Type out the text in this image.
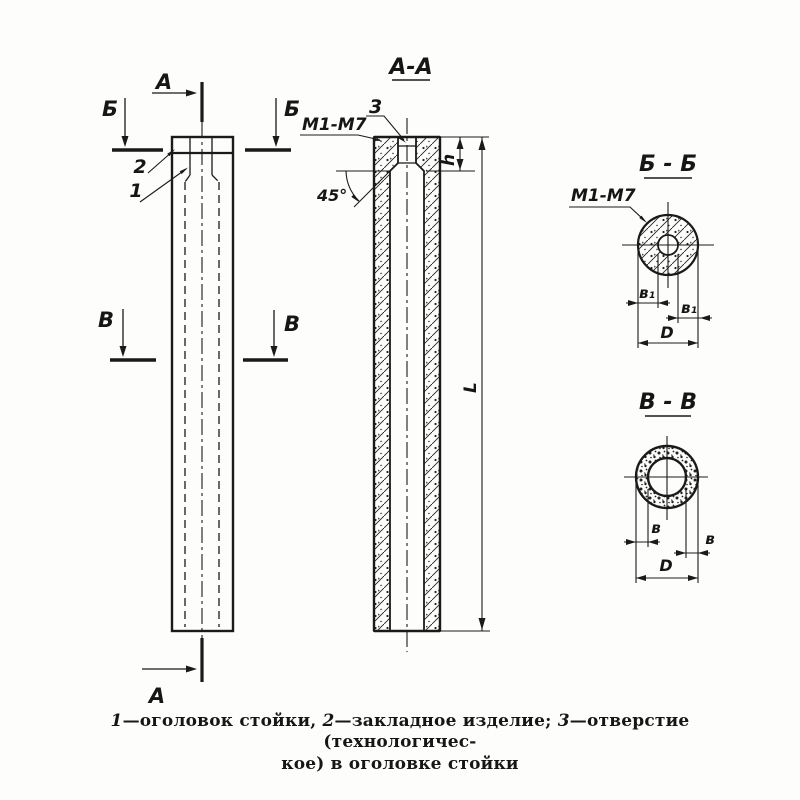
А
А
Б	Б
В	В
2
1
А-А
М1-М7
3
45°
h
L
Б - Б
М1-М7
в₁
в₁
D
В - В
в
в
D
1—оголовок стойки, 2—закладное изделие; 3—отверстие (технологичес-
кое) в оголовке стойки
